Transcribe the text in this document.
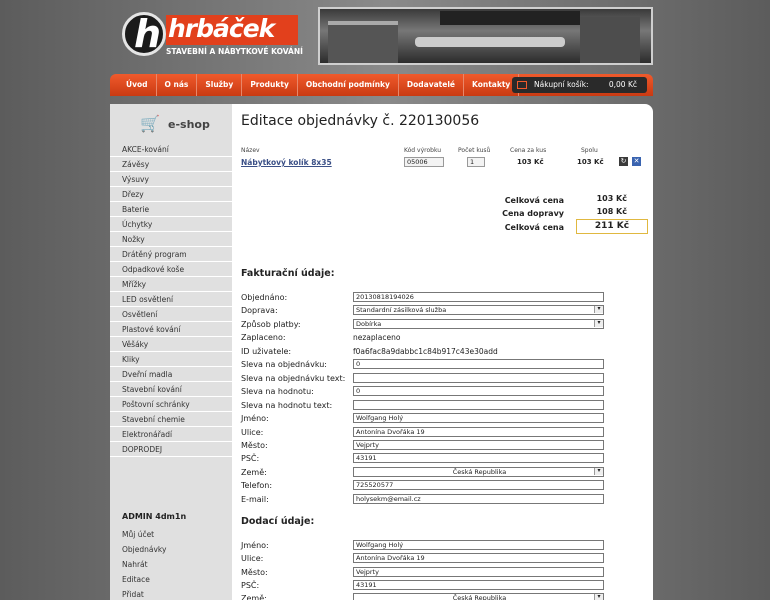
h hrbáček
STAVEBNÍ A NÁBYTKOVÉ KOVÁNÍ
Úvod	O nás	Služby	Produkty	Obchodní podmínky	Dodavatelé	Kontakty	Nákupní košík:	0,00 Kč
🛒 e-shop
AKCE-kování
Závěsy
Výsuvy
Dřezy
Baterie
Úchytky
Nožky
Drátěný program
Odpadkové koše
Mřížky
LED osvětlení
Osvětlení
Plastové kování
Věšáky
Kliky
Dveřní madla
Stavební kování
Poštovní schránky
Stavební chemie
Elektronářadí
DOPRODEJ
ADMIN 4dm1n
Můj účet
Objednávky
Nahrát
Editace
Přidat
Editace objednávky č. 220130056
Název	Kód výrobku	Počet kusů	Cena za kus	Spolu
Nábytkový kolík 8x35	05006	1	103 Kč	103 Kč ↻ ✕
Celková cena	103 Kč
Cena dopravy	108 Kč
Celková cena	211 Kč
Fakturační údaje:
Objednáno:	20130818194026
Doprava:	Standardní zásilková služba ▾
Způsob platby:	Dobírka ▾
Zaplaceno:	nezaplaceno
ID uživatele:	f0a6fac8a9dabbc1c84b917c43e30add
Sleva na objednávku:	0
Sleva na objednávku text:
Sleva na hodnotu:	0
Sleva na hodnotu text:
Jméno:	Wolfgang Holý
Ulice:	Antonína Dvořáka 19
Město:	Vejprty
PSČ:	43191
Země:	Česká Republika ▾
Telefon:	725520577
E-mail:	holysekm@email.cz
Dodací údaje:
Jméno:	Wolfgang Holý
Ulice:	Antonína Dvořáka 19
Město:	Vejprty
PSČ:	43191
Země:	Česká Republika ▾
